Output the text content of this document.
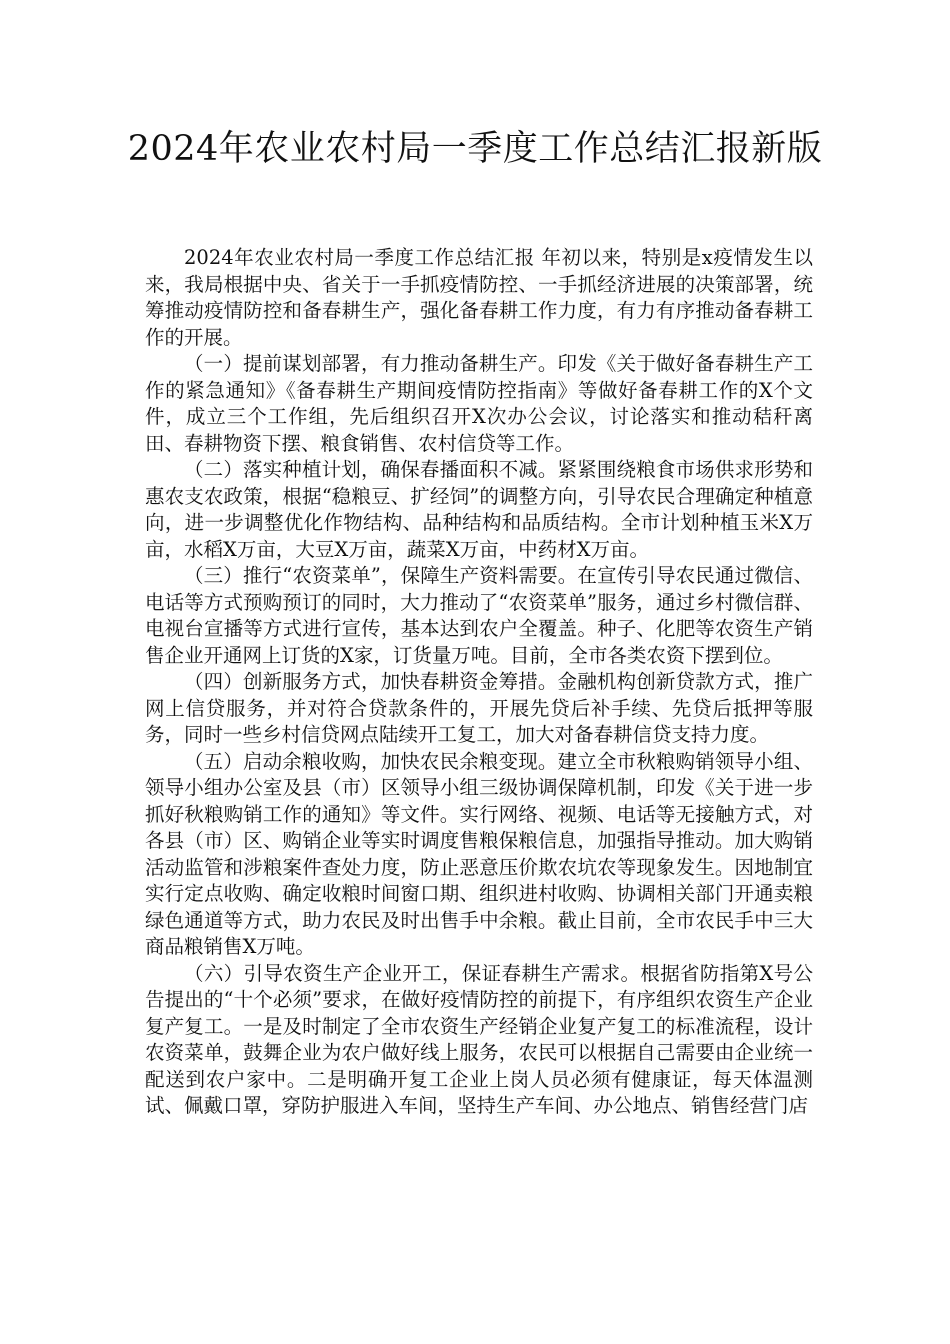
2024年农业农村局一季度工作总结汇报新版

2024年农业农村局一季度工作总结汇报 年初以来，特别是x疫情发生以来，我局根据中央、省关于一手抓疫情防控、一手抓经济进展的决策部署，统筹推动疫情防控和备春耕生产，强化备春耕工作力度，有力有序推动备春耕工作的开展。

（一）提前谋划部署，有力推动备耕生产。印发《关于做好备春耕生产工作的紧急通知》《备春耕生产期间疫情防控指南》等做好备春耕工作的X个文件，成立三个工作组，先后组织召开X次办公会议，讨论落实和推动秸秆离田、春耕物资下摆、粮食销售、农村信贷等工作。

（二）落实种植计划，确保春播面积不减。紧紧围绕粮食市场供求形势和惠农支农政策，根据“稳粮豆、扩经饲”的调整方向，引导农民合理确定种植意向，进一步调整优化作物结构、品种结构和品质结构。全市计划种植玉米X万亩，水稻X万亩，大豆X万亩，蔬菜X万亩，中药材X万亩。

（三）推行“农资菜单”，保障生产资料需要。在宣传引导农民通过微信、电话等方式预购预订的同时，大力推动了“农资菜单”服务，通过乡村微信群、电视台宣播等方式进行宣传，基本达到农户全覆盖。种子、化肥等农资生产销售企业开通网上订货的X家，订货量万吨。目前，全市各类农资下摆到位。

（四）创新服务方式，加快春耕资金筹措。金融机构创新贷款方式，推广网上信贷服务，并对符合贷款条件的，开展先贷后补手续、先贷后抵押等服务，同时一些乡村信贷网点陆续开工复工，加大对备春耕信贷支持力度。

（五）启动余粮收购，加快农民余粮变现。建立全市秋粮购销领导小组、领导小组办公室及县（市）区领导小组三级协调保障机制，印发《关于进一步抓好秋粮购销工作的通知》等文件。实行网络、视频、电话等无接触方式，对各县（市）区、购销企业等实时调度售粮保粮信息，加强指导推动。加大购销活动监管和涉粮案件查处力度，防止恶意压价欺农坑农等现象发生。因地制宜实行定点收购、确定收粮时间窗口期、组织进村收购、协调相关部门开通卖粮绿色通道等方式，助力农民及时出售手中余粮。截止目前，全市农民手中三大商品粮销售X万吨。

（六）引导农资生产企业开工，保证春耕生产需求。根据省防指第X号公告提出的“十个必须”要求，在做好疫情防控的前提下，有序组织农资生产企业复产复工。一是及时制定了全市农资生产经销企业复产复工的标准流程，设计农资菜单，鼓舞企业为农户做好线上服务，农民可以根据自己需要由企业统一配送到农户家中。二是明确开复工企业上岗人员必须有健康证，每天体温测试、佩戴口罩，穿防护服进入车间，坚持生产车间、办公地点、销售经营门店
